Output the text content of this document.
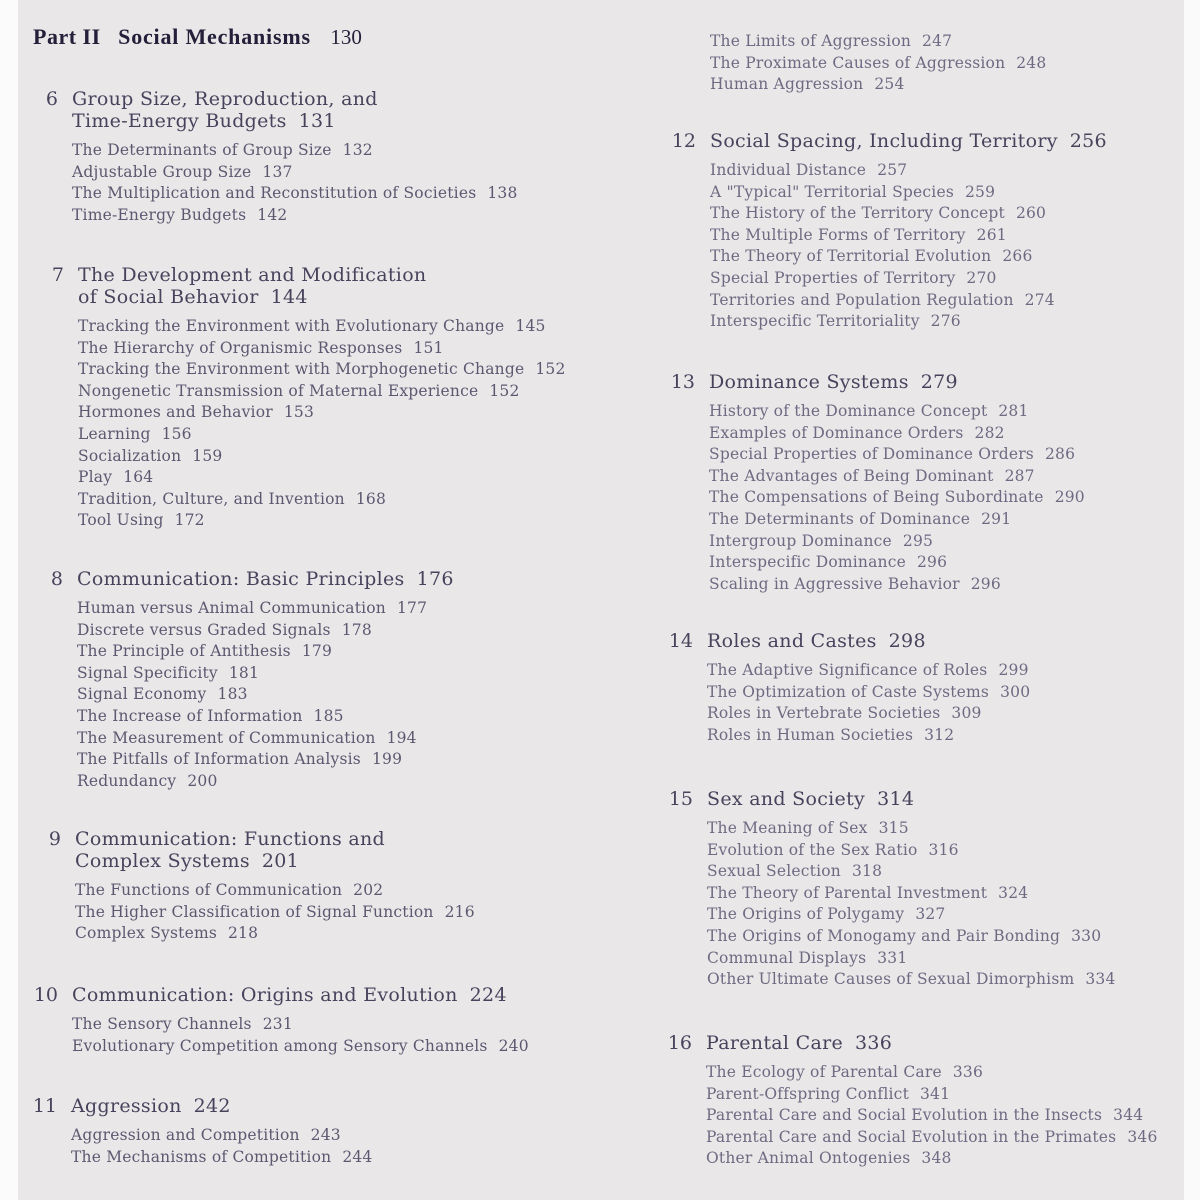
Part II Social Mechanisms 130
6 Group Size, Reproduction, and
Time-Energy Budgets 131
The Determinants of Group Size 132
Adjustable Group Size 137
The Multiplication and Reconstitution of Societies 138
Time-Energy Budgets 142
7 The Development and Modification
of Social Behavior 144
Tracking the Environment with Evolutionary Change 145
The Hierarchy of Organismic Responses 151
Tracking the Environment with Morphogenetic Change 152
Nongenetic Transmission of Maternal Experience 152
Hormones and Behavior 153
Learning 156
Socialization 159
Play 164
Tradition, Culture, and Invention 168
Tool Using 172
8 Communication: Basic Principles 176
Human versus Animal Communication 177
Discrete versus Graded Signals 178
The Principle of Antithesis 179
Signal Specificity 181
Signal Economy 183
The Increase of Information 185
The Measurement of Communication 194
The Pitfalls of Information Analysis 199
Redundancy 200
9 Communication: Functions and
Complex Systems 201
The Functions of Communication 202
The Higher Classification of Signal Function 216
Complex Systems 218
10 Communication: Origins and Evolution 224
The Sensory Channels 231
Evolutionary Competition among Sensory Channels 240
11 Aggression 242
Aggression and Competition 243
The Mechanisms of Competition 244
The Limits of Aggression 247
The Proximate Causes of Aggression 248
Human Aggression 254
12 Social Spacing, Including Territory 256
Individual Distance 257
A "Typical" Territorial Species 259
The History of the Territory Concept 260
The Multiple Forms of Territory 261
The Theory of Territorial Evolution 266
Special Properties of Territory 270
Territories and Population Regulation 274
Interspecific Territoriality 276
13 Dominance Systems 279
History of the Dominance Concept 281
Examples of Dominance Orders 282
Special Properties of Dominance Orders 286
The Advantages of Being Dominant 287
The Compensations of Being Subordinate 290
The Determinants of Dominance 291
Intergroup Dominance 295
Interspecific Dominance 296
Scaling in Aggressive Behavior 296
14 Roles and Castes 298
The Adaptive Significance of Roles 299
The Optimization of Caste Systems 300
Roles in Vertebrate Societies 309
Roles in Human Societies 312
15 Sex and Society 314
The Meaning of Sex 315
Evolution of the Sex Ratio 316
Sexual Selection 318
The Theory of Parental Investment 324
The Origins of Polygamy 327
The Origins of Monogamy and Pair Bonding 330
Communal Displays 331
Other Ultimate Causes of Sexual Dimorphism 334
16 Parental Care 336
The Ecology of Parental Care 336
Parent-Offspring Conflict 341
Parental Care and Social Evolution in the Insects 344
Parental Care and Social Evolution in the Primates 346
Other Animal Ontogenies 348
